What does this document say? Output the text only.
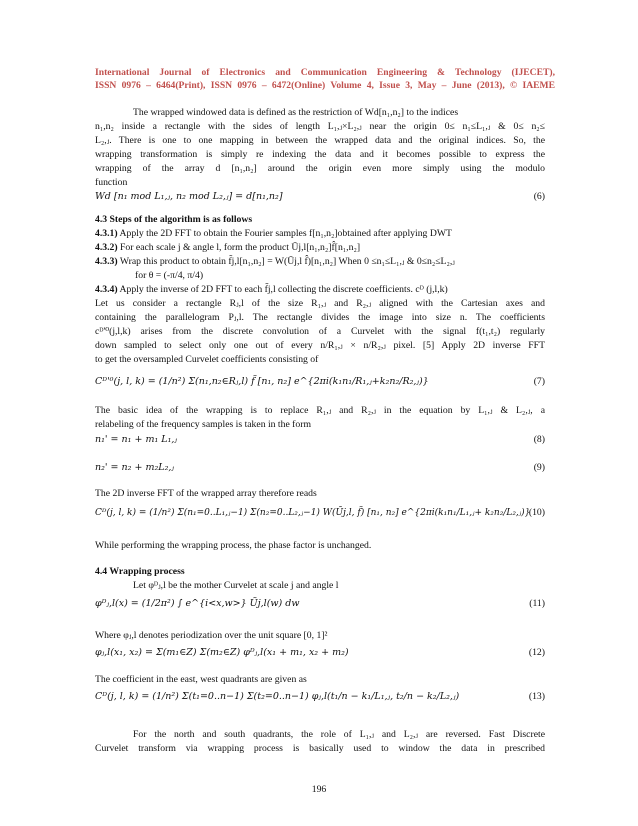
International Journal of Electronics and Communication Engineering & Technology (IJECET),
ISSN 0976 – 6464(Print), ISSN 0976 – 6472(Online) Volume 4, Issue 3, May – June (2013), © IAEME
The wrapped windowed data is defined as the restriction of Wd[n₁,n₂] to the indices
n₁,n₂ inside a rectangle with the sides of length L₁,ⱼ×L₂,ⱼ near the origin 0≤ n₁≤L₁,ⱼ & 0≤ n₂≤
L₂,ⱼ. There is one to one mapping in between the wrapped data and the original indices. So, the
wrapping transformation is simply re indexing the data and it becomes possible to express the
wrapping of the array d [n₁,n₂] around the origin even more simply using the modulo
function
Wd [n₁ mod L₁,ⱼ, n₂ mod L₂,ⱼ] = d[n₁,n₂]	(6)
4.3 Steps of the algorithm is as follows
4.3.1) Apply the 2D FFT to obtain the Fourier samples f[n₁,n₂]obtained after applying DWT
4.3.2) For each scale j & angle l, form the product Ũj,l[n₁,n₂]f̂[n₁,n₂]
4.3.3) Wrap this product to obtain f̃j,l[n₁,n₂] = W(Ũj,l f̂)[n₁,n₂] When 0 ≤n₁≤L₁,ⱼ & 0≤n₂≤L₂,ⱼ
for θ = (-π/4, π/4)
4.3.4) Apply the inverse of 2D FFT to each f̃j,l collecting the discrete coefficients. cᴰ (j,l,k)
Let us consider a rectangle Rⱼ,l of the size R₁,ⱼ and R₂,ⱼ aligned with the Cartesian axes and
containing the parallelogram Pⱼ,l. The rectangle divides the image into size n. The coefficients
cᴰ'⁰(j,l,k) arises from the discrete convolution of a Curvelet with the signal f(t₁,t₂) regularly
down sampled to select only one out of every n/R₁,ⱼ × n/R₂,ⱼ pixel. [5] Apply 2D inverse FFT
to get the oversampled Curvelet coefficients consisting of
Cᴰ'⁰(j, l, k) = (1/n²) Σ(n₁,n₂∈Rⱼ,l) f̃ [n₁, n₂] e^{2πi(k₁n₁/R₁,ⱼ+k₂n₂/R₂,ⱼ)}	(7)
The basic idea of the wrapping is to replace R₁,ⱼ and R₂,ⱼ in the equation by L₁,ⱼ & L₂,ⱼ, a
relabeling of the frequency samples is taken in the form
n₁' = n₁ + m₁ L₁,ⱼ	(8)
n₂' = n₂ + m₂L₂,ⱼ	(9)
The 2D inverse FFT of the wrapped array therefore reads
Cᴰ(j, l, k) = (1/n²) Σ(n₁=0..L₁,ⱼ−1) Σ(n₂=0..L₂,ⱼ−1) W(Ũj,l, f̃) [n₁, n₂] e^{2πi(k₁n₁/L₁,ⱼ+ k₂n₂/L₂,ⱼ)}
(10)
While performing the wrapping process, the phase factor is unchanged.
4.4 Wrapping process
Let φᴰⱼ,l be the mother Curvelet at scale j and angle l
φᴰⱼ,l(x) = (1/2π²) ∫ e^{i<x,w>} Ũj,l(w) dw	(11)
Where φⱼ,l denotes periodization over the unit square [0, 1]²
φⱼ,l(x₁, x₂) = Σ(m₁∈Z) Σ(m₂∈Z) φᴰⱼ,l(x₁ + m₁, x₂ + m₂)	(12)
The coefficient in the east, west quadrants are given as
Cᴰ(j, l, k) = (1/n²) Σ(t₁=0..n−1) Σ(t₂=0..n−1) φⱼ,l(t₁/n − k₁/L₁,ⱼ, t₂/n − k₂/L₂,ⱼ)	(13)
For the north and south quadrants, the role of L₁,ⱼ and L₂,ⱼ are reversed. Fast Discrete
Curvelet transform via wrapping process is basically used to window the data in prescribed
196
